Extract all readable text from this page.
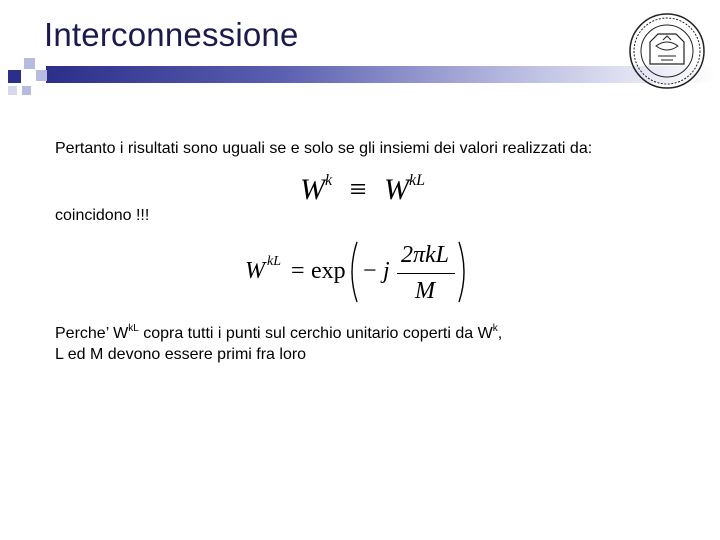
Interconnessione
Pertanto i risultati sono uguali se e solo se gli insiemi dei valori realizzati da:
$W^k \equiv W^{kL}$
coincidono !!!
W kL = exp − j
2πkL
M
Perche’ $W^{kL}$ copra tutti i punti sul cerchio unitario coperti da $W^k$,
L ed M devono essere primi fra loro
